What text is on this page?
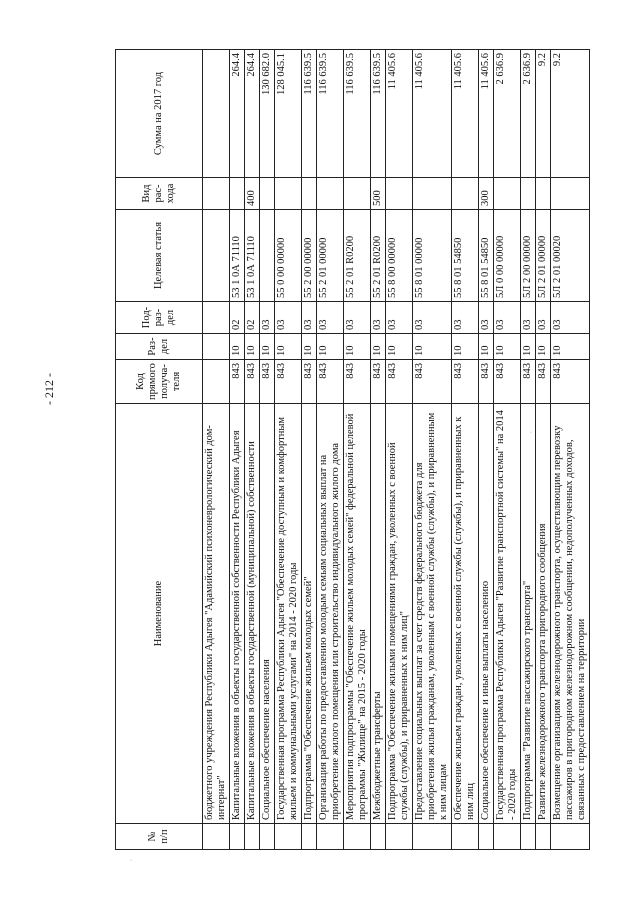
- 212 -
№ п/п	Наименование	Код прямого получа-теля	Раз-дел	Под-раз-дел	Целевая статья	Вид рас-хода	Сумма на 2017 год
	бюджетного учреждения Республики Адыгея "Адамийский психоневрологический дом-интернат"						
	Капитальные вложения в объекты государственной собственности Республики Адыгея	843	10	02	53 1 0А 71110		264.4
	Капитальные вложения в объекты государственной (муниципальной) собственности	843	10	02	53 1 0А 71110	400	264.4
	Социальное обеспечение населения	843	10	03			130 682.0
	Государственная программа Республики Адыгея "Обеспечение доступным и комфортным жильем и коммунальными услугами" на 2014 - 2020 годы	843	10	03	55 0 00 00000		128 045.1
	Подпрограмма "Обеспечение жильем молодых семей"	843	10	03	55 2 00 00000		116 639.5
	Организация работы по предоставлению молодым семьям социальных выплат на приобретение жилого помещения или строительство индивидуального жилого дома	843	10	03	55 2 01 00000		116 639.5
	Мероприятия подпрограммы "Обеспечение жильем молодых семей" федеральной целевой программы "Жилище" на 2015 - 2020 годы	843	10	03	55 2 01 R0200		116 639.5
	Межбюджетные трансферты	843	10	03	55 2 01 R0200	500	116 639.5
	Подпрограмма "Обеспечение жилыми помещениями граждан, уволенных с военной службы (службы), и приравненных к ним лиц"	843	10	03	55 8 00 00000		11 405.6
	Предоставление социальных выплат за счет средств федерального бюджета для приобретения жилья гражданам, уволенным с военной службы (службы), и приравненным к ним лицам	843	10	03	55 8 01 00000		11 405.6
	Обеспечение жильем граждан, уволенных с военной службы (службы), и приравненных к ним лиц	843	10	03	55 8 01 54850		11 405.6
	Социальное обеспечение и иные выплаты населению	843	10	03	55 8 01 54850	300	11 405.6
	Государственная программа Республики Адыгея "Развитие транспортной системы" на 2014 - 2020 годы	843	10	03	5Л 0 00 00000		2 636.9
	Подпрограмма "Развитие пассажирского транспорта"	843	10	03	5Л 2 00 00000		2 636.9
	Развитие железнодорожного транспорта пригородного сообщения	843	10	03	5Л 2 01 00000		9.2
	Возмещение организациям железнодорожного транспорта, осуществляющим перевозку пассажиров в пригородном железнодорожном сообщении, недополученных доходов, связанных с предоставлением на территории	843	10	03	5Л 2 01 00020		9.2
·
·
